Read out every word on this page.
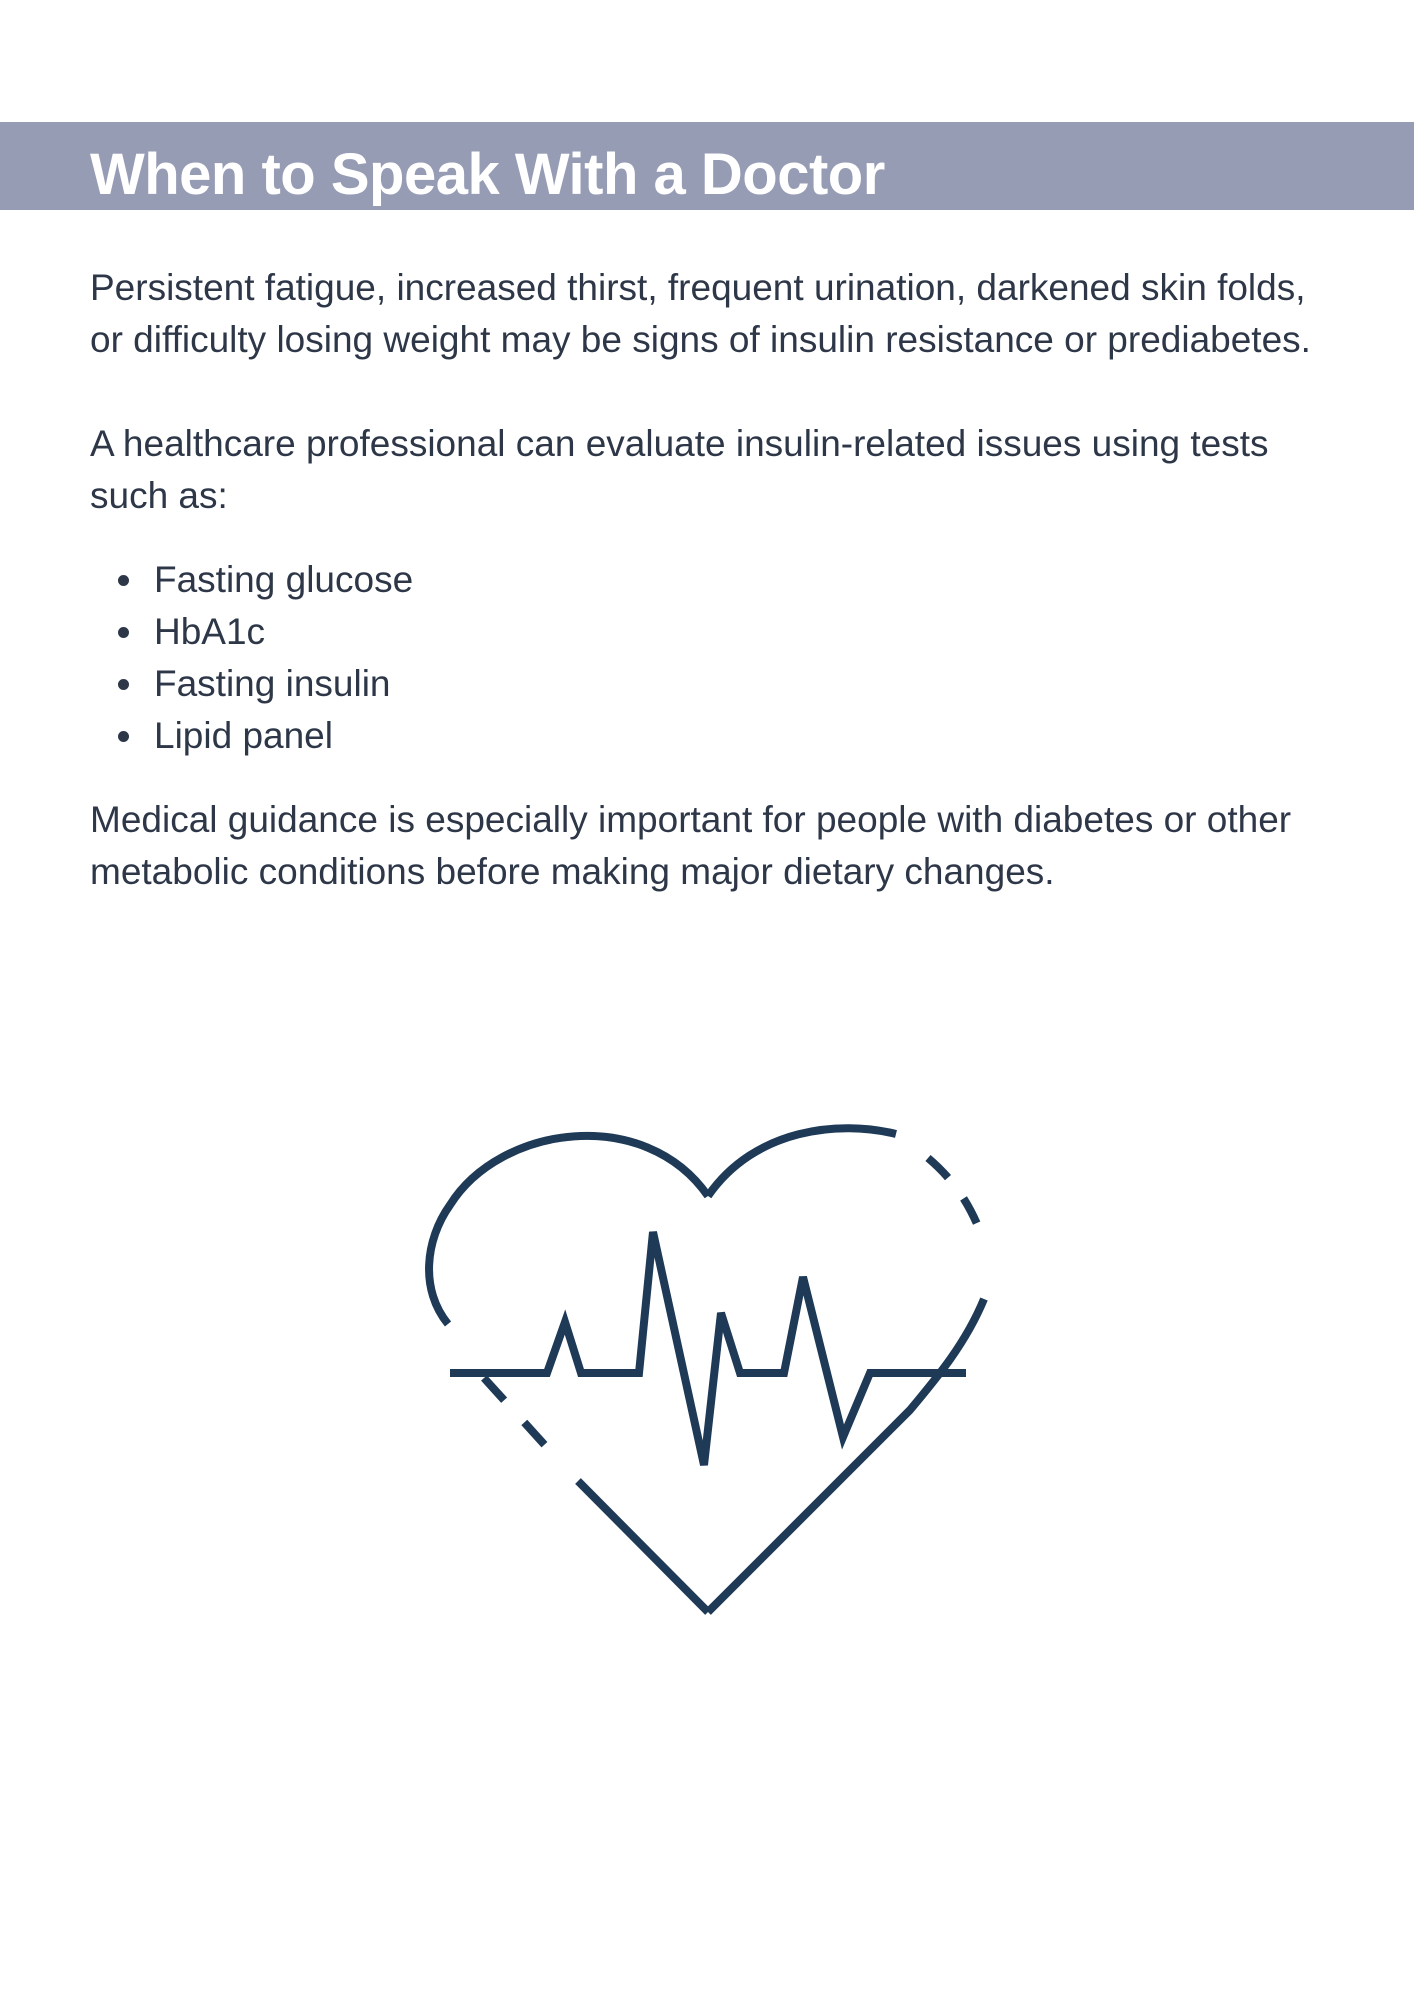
When to Speak With a Doctor

Persistent fatigue, increased thirst, frequent urination, darkened skin folds, or difficulty losing weight may be signs of insulin resistance or prediabetes.

A healthcare professional can evaluate insulin-related issues using tests such as:

Fasting glucose
HbA1c
Fasting insulin
Lipid panel

Medical guidance is especially important for people with diabetes or other metabolic conditions before making major dietary changes.
